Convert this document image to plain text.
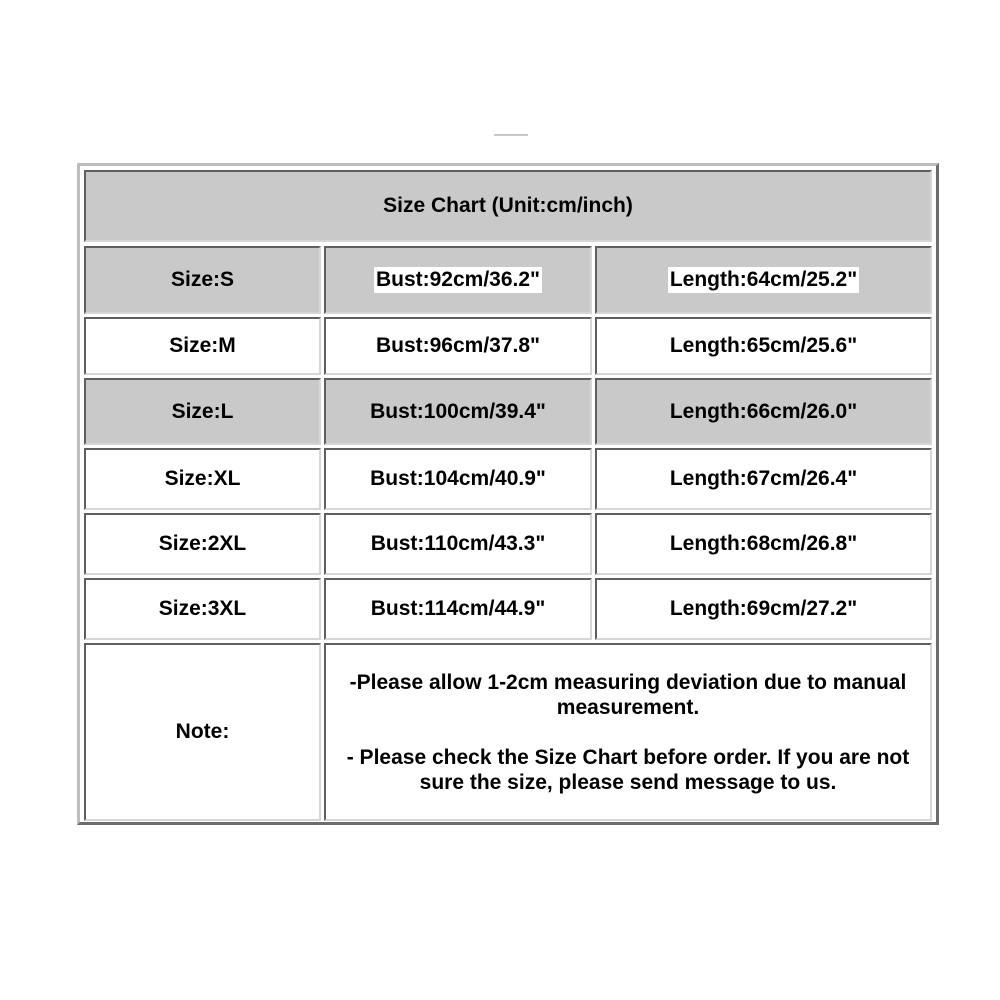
Size Chart (Unit:cm/inch)
Size:S	Bust:92cm/36.2"	Length:64cm/25.2"
Size:M	Bust:96cm/37.8"	Length:65cm/25.6"
Size:L	Bust:100cm/39.4"	Length:66cm/26.0"
Size:XL	Bust:104cm/40.9"	Length:67cm/26.4"
Size:2XL	Bust:110cm/43.3"	Length:68cm/26.8"
Size:3XL	Bust:114cm/44.9"	Length:69cm/27.2"
Note:

-Please allow 1-2cm measuring deviation due to manual measurement.

- Please check the Size Chart before order. If you are not sure the size, please send message to us.
